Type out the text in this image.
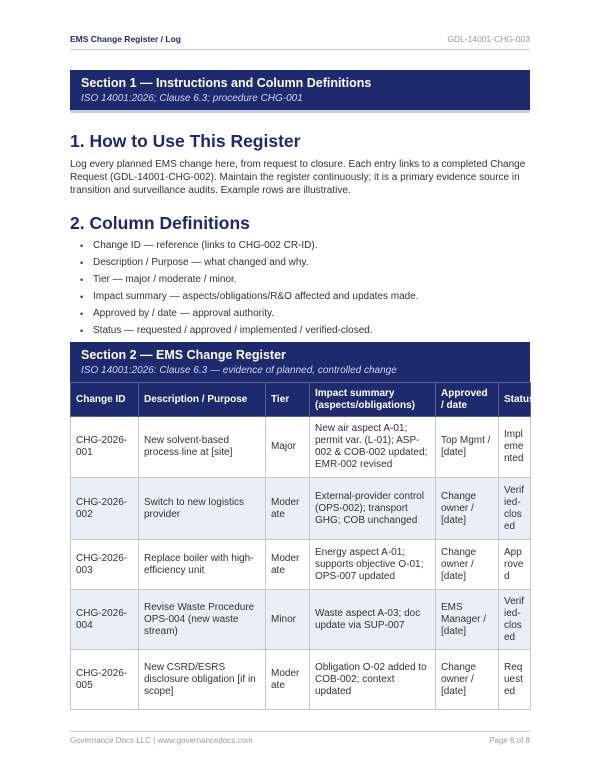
EMS Change Register / Log	GDL-14001-CHG-003
Section 1 — Instructions and Column Definitions
ISO 14001:2026; Clause 6.3; procedure CHG-001
1. How to Use This Register
Log every planned EMS change here, from request to closure. Each entry links to a completed Change Request (GDL-14001-CHG-002). Maintain the register continuously; it is a primary evidence source in transition and surveillance audits. Example rows are illustrative.
2. Column Definitions
• Change ID — reference (links to CHG-002 CR-ID).
• Description / Purpose — what changed and why.
• Tier — major / moderate / minor.
• Impact summary — aspects/obligations/R&O affected and updates made.
• Approved by / date — approval authority.
• Status — requested / approved / implemented / verified-closed.
Section 2 — EMS Change Register
ISO 14001:2026: Clause 6.3 — evidence of planned, controlled change
Change ID	Description / Purpose	Tier	Impact summary (aspects/obligations)	Approved / date	Status
CHG-2026-001	New solvent-based process line at [site]	Major	New air aspect A-01; permit var. (L-01); ASP-002 & COB-002 updated; EMR-002 revised	Top Mgmt / [date]	Implemented
CHG-2026-002	Switch to new logistics provider	Moderate	External-provider control (OPS-002); transport GHG; COB unchanged	Change owner / [date]	Verified-closed
CHG-2026-003	Replace boiler with high-efficiency unit	Moderate	Energy aspect A-01; supports objective O-01; OPS-007 updated	Change owner / [date]	Approved
CHG-2026-004	Revise Waste Procedure OPS-004 (new waste stream)	Minor	Waste aspect A-03; doc update via SUP-007	EMS Manager / [date]	Verified-closed
CHG-2026-005	New CSRD/ESRS disclosure obligation [if in scope]	Moderate	Obligation O-02 added to COB-002; context updated	Change owner / [date]	Requested
Governance Docs LLC | www.governancedocs.com	Page 6 of 8
